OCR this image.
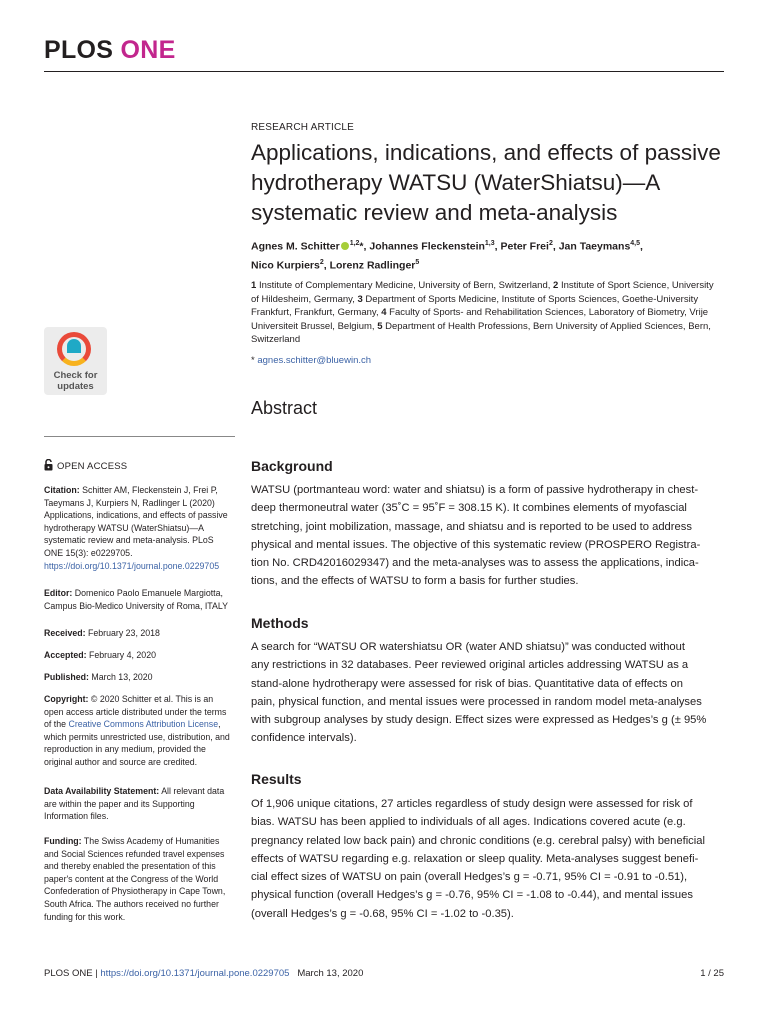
PLOS ONE
RESEARCH ARTICLE
Applications, indications, and effects of passive hydrotherapy WATSU (WaterShiatsu)—A systematic review and meta-analysis
Agnes M. Schitter $^{1,2}$*, Johannes Fleckenstein$^{1,3}$, Peter Frei$^2$, Jan Taeymans$^{4,5}$,
Nico Kurpiers$^2$, Lorenz Radlinger$^5$
1 Institute of Complementary Medicine, University of Bern, Switzerland, 2 Institute of Sport Science, University of Hildesheim, Germany, 3 Department of Sports Medicine, Institute of Sports Sciences, Goethe-University Frankfurt, Frankfurt, Germany, 4 Faculty of Sports- and Rehabilitation Sciences, Laboratory of Biometry, Vrije Universiteit Brussel, Belgium, 5 Department of Health Professions, Bern University of Applied Sciences, Bern, Switzerland
* agnes.schitter@bluewin.ch
Abstract
Background
WATSU (portmanteau word: water and shiatsu) is a form of passive hydrotherapy in chest-
deep thermoneutral water (35˚C = 95˚F = 308.15 K). It combines elements of myofascial
stretching, joint mobilization, massage, and shiatsu and is reported to be used to address
physical and mental issues. The objective of this systematic review (PROSPERO Registra-
tion No. CRD42016029347) and the meta-analyses was to assess the applications, indica-
tions, and the effects of WATSU to form a basis for further studies.
Methods
A search for “WATSU OR watershiatsu OR (water AND shiatsu)” was conducted without
any restrictions in 32 databases. Peer reviewed original articles addressing WATSU as a
stand-alone hydrotherapy were assessed for risk of bias. Quantitative data of effects on
pain, physical function, and mental issues were processed in random model meta-analyses
with subgroup analyses by study design. Effect sizes were expressed as Hedges’s g (± 95%
confidence intervals).
Results
Of 1,906 unique citations, 27 articles regardless of study design were assessed for risk of
bias. WATSU has been applied to individuals of all ages. Indications covered acute (e.g.
pregnancy related low back pain) and chronic conditions (e.g. cerebral palsy) with beneficial
effects of WATSU regarding e.g. relaxation or sleep quality. Meta-analyses suggest benefi-
cial effect sizes of WATSU on pain (overall Hedges’s g = -0.71, 95% CI = -0.91 to -0.51),
physical function (overall Hedges’s g = -0.76, 95% CI = -1.08 to -0.44), and mental issues
(overall Hedges’s g = -0.68, 95% CI = -1.02 to -0.35).
Check for
updates
OPEN ACCESS
Citation: Schitter AM, Fleckenstein J, Frei P, Taeymans J, Kurpiers N, Radlinger L (2020) Applications, indications, and effects of passive hydrotherapy WATSU (WaterShiatsu)—A systematic review and meta-analysis. PLoS ONE 15(3): e0229705. https://doi.org/10.1371/journal.pone.0229705
Editor: Domenico Paolo Emanuele Margiotta, Campus Bio-Medico University of Roma, ITALY
Received: February 23, 2018
Accepted: February 4, 2020
Published: March 13, 2020
Copyright: © 2020 Schitter et al. This is an open access article distributed under the terms of the Creative Commons Attribution License, which permits unrestricted use, distribution, and reproduction in any medium, provided the original author and source are credited.
Data Availability Statement: All relevant data are within the paper and its Supporting Information files.
Funding: The Swiss Academy of Humanities and Social Sciences refunded travel expenses and thereby enabled the presentation of this paper's content at the Congress of the World Confederation of Physiotherapy in Cape Town, South Africa. The authors received no further funding for this work.
PLOS ONE | https://doi.org/10.1371/journal.pone.0229705 March 13, 2020	1 / 25
